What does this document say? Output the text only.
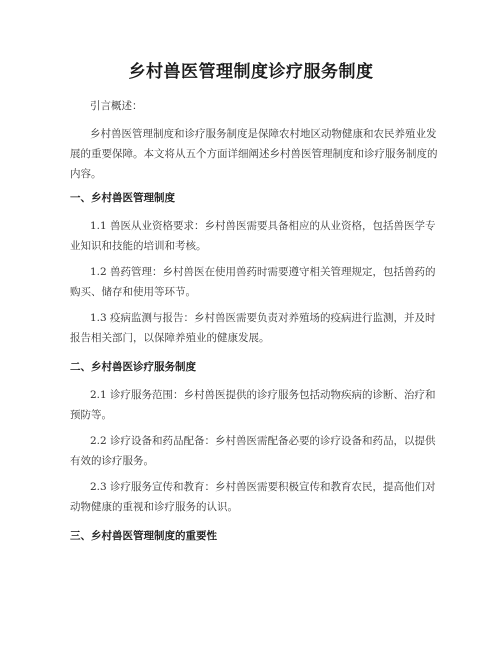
乡村兽医管理制度诊疗服务制度

引言概述：

乡村兽医管理制度和诊疗服务制度是保障农村地区动物健康和农民养殖业发展的重要保障。本文将从五个方面详细阐述乡村兽医管理制度和诊疗服务制度的内容。

一、乡村兽医管理制度

1.1 兽医从业资格要求：乡村兽医需要具备相应的从业资格，包括兽医学专业知识和技能的培训和考核。

1.2 兽药管理：乡村兽医在使用兽药时需要遵守相关管理规定，包括兽药的购买、储存和使用等环节。

1.3 疫病监测与报告：乡村兽医需要负责对养殖场的疫病进行监测，并及时报告相关部门，以保障养殖业的健康发展。

二、乡村兽医诊疗服务制度

2.1 诊疗服务范围：乡村兽医提供的诊疗服务包括动物疾病的诊断、治疗和预防等。

2.2 诊疗设备和药品配备：乡村兽医需配备必要的诊疗设备和药品，以提供有效的诊疗服务。

2.3 诊疗服务宣传和教育：乡村兽医需要积极宣传和教育农民，提高他们对动物健康的重视和诊疗服务的认识。

三、乡村兽医管理制度的重要性
